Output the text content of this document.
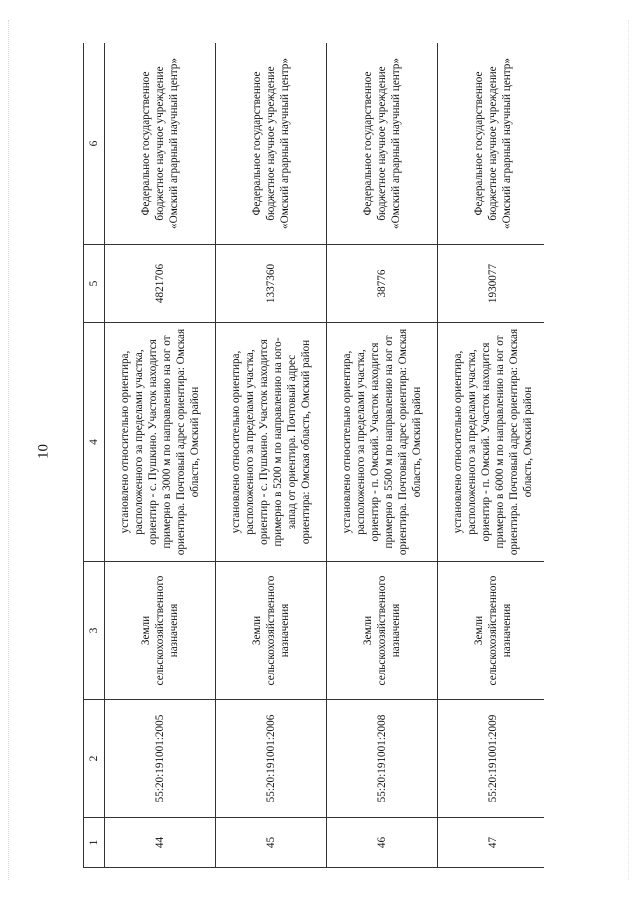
10
1	2	3	4	5	6
44	55:20:191001:2005	Земли сельскохозяйственного назначения	установлено относительно ориентира, расположенного за пределами участка, ориентир - с. Пушкино. Участок находится примерно в 3000 м по направлению на юг от ориентира. Почтовый адрес ориентира: Омская область, Омский район	4821706	Федеральное государственное бюджетное научное учреждение «Омский аграрный научный центр»
45	55:20:191001:2006	Земли сельскохозяйственного назначения	установлено относительно ориентира, расположенного за пределами участка, ориентир - с. Пушкино. Участок находится примерно в 5200 м по направлению на юго-запад от ориентира. Почтовый адрес ориентира: Омская область, Омский район	1337360	Федеральное государственное бюджетное научное учреждение «Омский аграрный научный центр»
46	55:20:191001:2008	Земли сельскохозяйственного назначения	установлено относительно ориентира, расположенного за пределами участка, ориентир - п. Омский. Участок находится примерно в 5500 м по направлению на юг от ориентира. Почтовый адрес ориентира: Омская область, Омский район	38776	Федеральное государственное бюджетное научное учреждение «Омский аграрный научный центр»
47	55:20:191001:2009	Земли сельскохозяйственного назначения	установлено относительно ориентира, расположенного за пределами участка, ориентир - п. Омский. Участок находится примерно в 6000 м по направлению на юг от ориентира. Почтовый адрес ориентира: Омская область, Омский район	1930077	Федеральное государственное бюджетное научное учреждение «Омский аграрный научный центр»
